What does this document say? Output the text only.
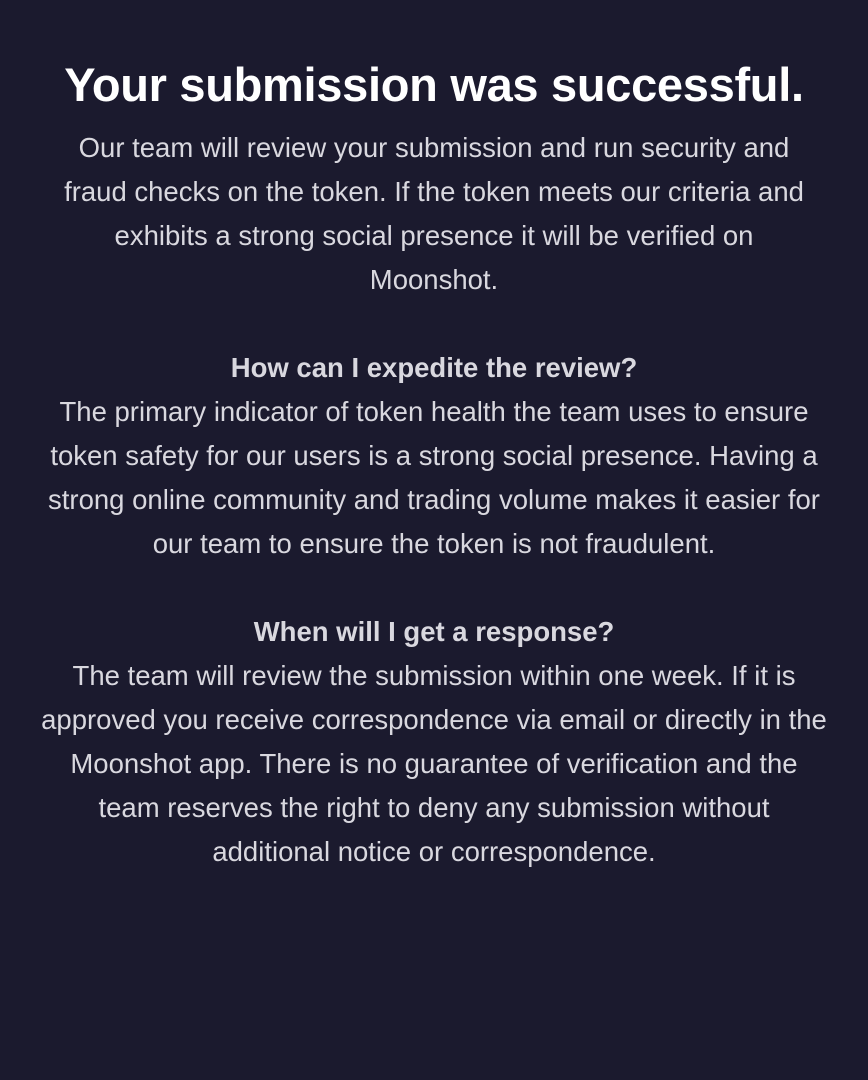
Your submission was successful.

Our team will review your submission and run security and fraud checks on the token. If the token meets our criteria and exhibits a strong social presence it will be verified on Moonshot.

How can I expedite the review?

The primary indicator of token health the team uses to ensure token safety for our users is a strong social presence. Having a strong online community and trading volume makes it easier for our team to ensure the token is not fraudulent.

When will I get a response?

The team will review the submission within one week. If it is approved you receive correspondence via email or directly in the Moonshot app. There is no guarantee of verification and the team reserves the right to deny any submission without additional notice or correspondence.
